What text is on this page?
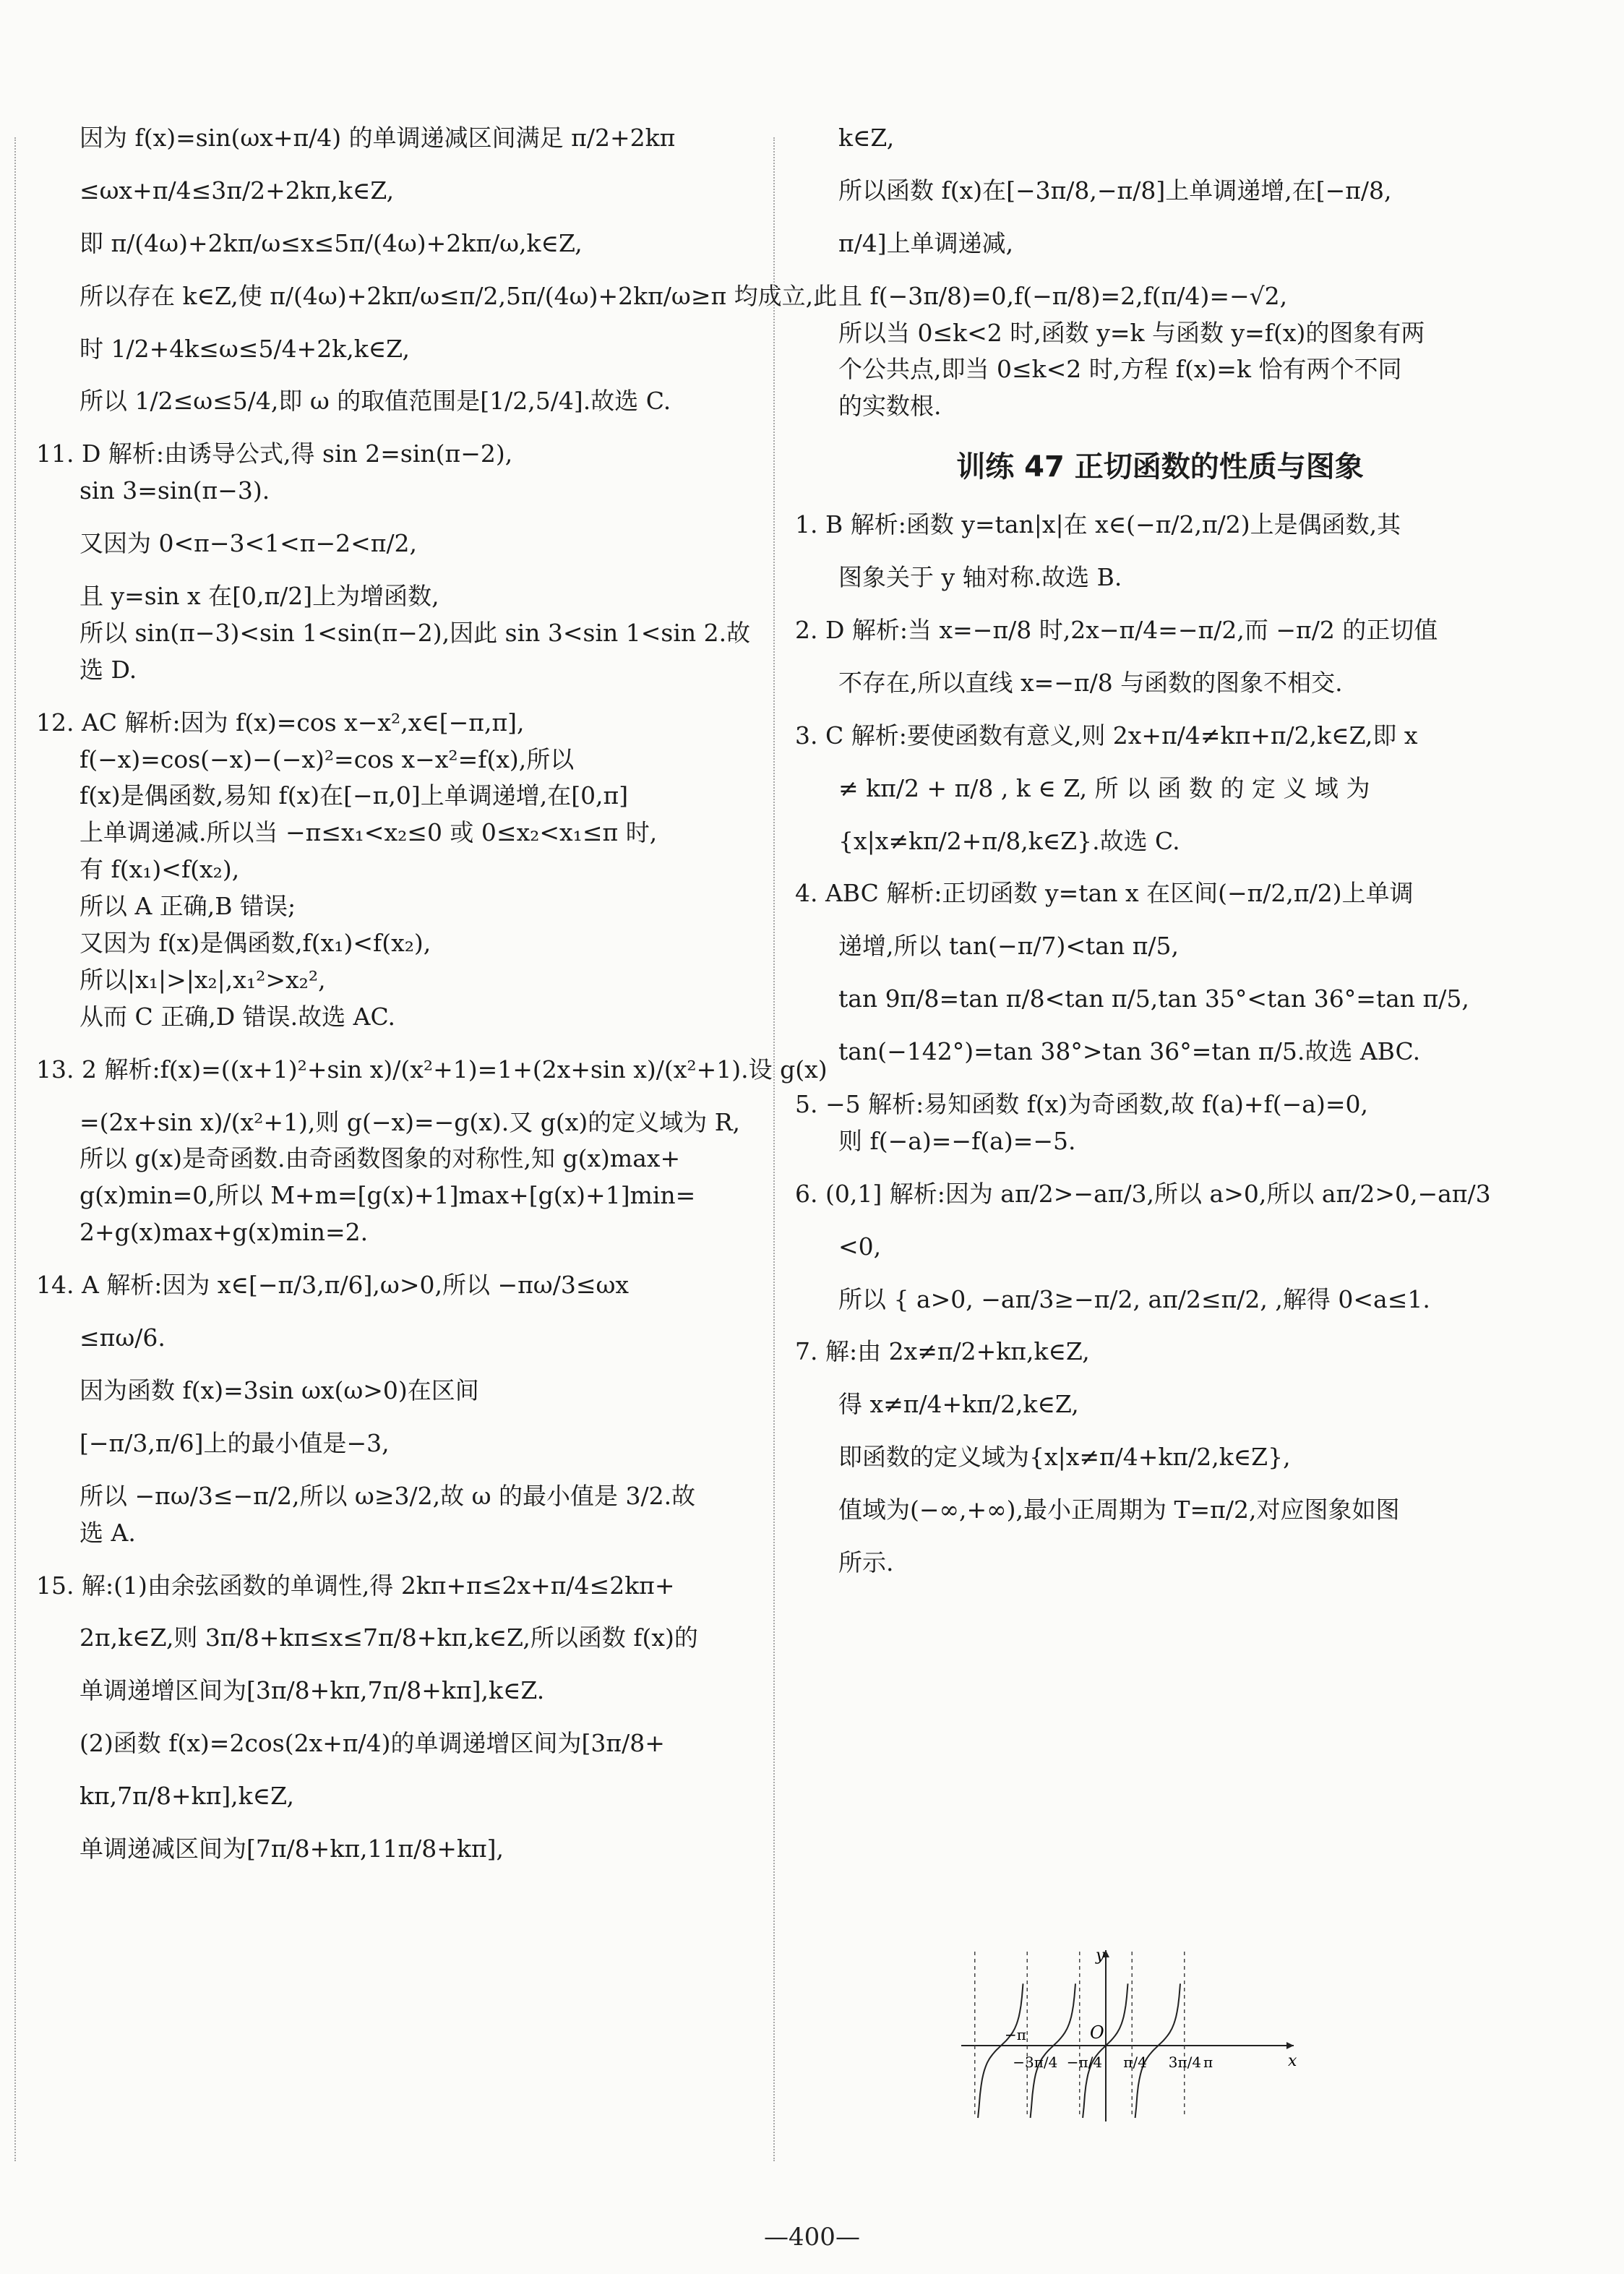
因为 f(x)=sin(ωx+π/4) 的单调递减区间满足 π/2+2kπ
≤ωx+π/4≤3π/2+2kπ,k∈Z,
即 π/(4ω)+2kπ/ω≤x≤5π/(4ω)+2kπ/ω,k∈Z,
所以存在 k∈Z,使 π/(4ω)+2kπ/ω≤π/2,5π/(4ω)+2kπ/ω≥π 均成立,此
时 1/2+4k≤ω≤5/4+2k,k∈Z,
所以 1/2≤ω≤5/4,即 ω 的取值范围是[1/2,5/4].故选 C.
11. D 解析:由诱导公式,得 sin 2=sin(π−2),
sin 3=sin(π−3).
又因为 0<π−3<1<π−2<π/2,
且 y=sin x 在[0,π/2]上为增函数,
所以 sin(π−3)<sin 1<sin(π−2),因此 sin 3<sin 1<sin 2.故
选 D.
12. AC 解析:因为 f(x)=cos x−x²,x∈[−π,π],
f(−x)=cos(−x)−(−x)²=cos x−x²=f(x),所以
f(x)是偶函数,易知 f(x)在[−π,0]上单调递增,在[0,π]
上单调递减.所以当 −π≤x₁<x₂≤0 或 0≤x₂<x₁≤π 时,
有 f(x₁)<f(x₂),
所以 A 正确,B 错误;
又因为 f(x)是偶函数,f(x₁)<f(x₂),
所以|x₁|>|x₂|,x₁²>x₂²,
从而 C 正确,D 错误.故选 AC.
13. 2 解析:f(x)=((x+1)²+sin x)/(x²+1)=1+(2x+sin x)/(x²+1).设 g(x)
=(2x+sin x)/(x²+1),则 g(−x)=−g(x).又 g(x)的定义域为 R,
所以 g(x)是奇函数.由奇函数图象的对称性,知 g(x)max+
g(x)min=0,所以 M+m=[g(x)+1]max+[g(x)+1]min=
2+g(x)max+g(x)min=2.
14. A 解析:因为 x∈[−π/3,π/6],ω>0,所以 −πω/3≤ωx
≤πω/6.
因为函数 f(x)=3sin ωx(ω>0)在区间
[−π/3,π/6]上的最小值是−3,
所以 −πω/3≤−π/2,所以 ω≥3/2,故 ω 的最小值是 3/2.故
选 A.
15. 解:(1)由余弦函数的单调性,得 2kπ+π≤2x+π/4≤2kπ+
2π,k∈Z,则 3π/8+kπ≤x≤7π/8+kπ,k∈Z,所以函数 f(x)的
单调递增区间为[3π/8+kπ,7π/8+kπ],k∈Z.
(2)函数 f(x)=2cos(2x+π/4)的单调递增区间为[3π/8+
kπ,7π/8+kπ],k∈Z,
单调递减区间为[7π/8+kπ,11π/8+kπ],
k∈Z,
所以函数 f(x)在[−3π/8,−π/8]上单调递增,在[−π/8,
π/4]上单调递减,
且 f(−3π/8)=0,f(−π/8)=2,f(π/4)=−√2,
所以当 0≤k<2 时,函数 y=k 与函数 y=f(x)的图象有两
个公共点,即当 0≤k<2 时,方程 f(x)=k 恰有两个不同
的实数根.
训练 47 正切函数的性质与图象
1. B 解析:函数 y=tan|x|在 x∈(−π/2,π/2)上是偶函数,其
图象关于 y 轴对称.故选 B.
2. D 解析:当 x=−π/8 时,2x−π/4=−π/2,而 −π/2 的正切值
不存在,所以直线 x=−π/8 与函数的图象不相交.
3. C 解析:要使函数有意义,则 2x+π/4≠kπ+π/2,k∈Z,即 x
≠ kπ/2 + π/8 , k ∈ Z, 所 以 函 数 的 定 义 域 为
{x|x≠kπ/2+π/8,k∈Z}.故选 C.
4. ABC 解析:正切函数 y=tan x 在区间(−π/2,π/2)上单调
递增,所以 tan(−π/7)<tan π/5,
tan 9π/8=tan π/8<tan π/5,tan 35°<tan 36°=tan π/5,
tan(−142°)=tan 38°>tan 36°=tan π/5.故选 ABC.
5. −5 解析:易知函数 f(x)为奇函数,故 f(a)+f(−a)=0,
则 f(−a)=−f(a)=−5.
6. (0,1] 解析:因为 aπ/2>−aπ/3,所以 a>0,所以 aπ/2>0,−aπ/3
<0,
所以 { a>0, −aπ/3≥−π/2, aπ/2≤π/2, ,解得 0<a≤1.
7. 解:由 2x≠π/2+kπ,k∈Z,
得 x≠π/4+kπ/2,k∈Z,
即函数的定义域为{x|x≠π/4+kπ/2,k∈Z},
值域为(−∞,+∞),最小正周期为 T=π/2,对应图象如图
所示.
y
x
O
−π
−3π/4 −π/4 π/4 3π/4 π
—400—
